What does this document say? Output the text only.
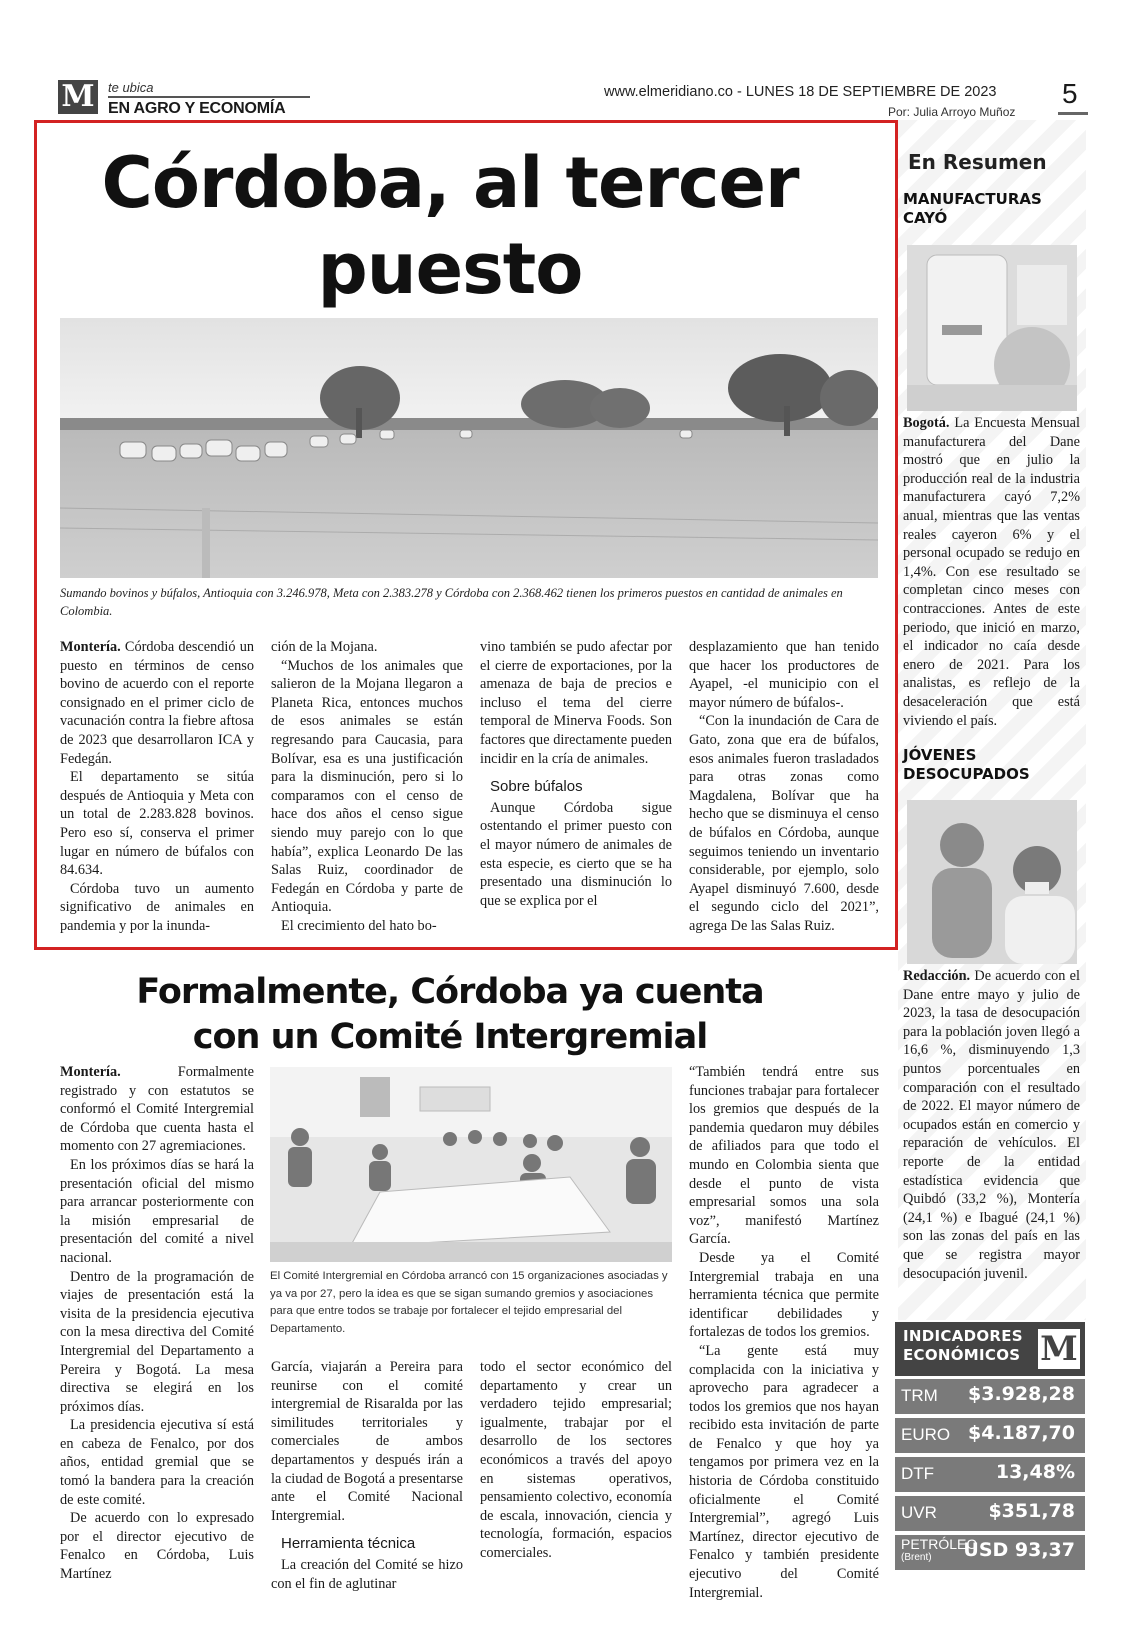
M te ubica
EN AGRO Y ECONOMÍA
www.elmeridiano.co - LUNES 18 DE SEPTIEMBRE DE 2023
Por: Julia Arroyo Muñoz
5
Córdoba, al tercer
puesto
Sumando bovinos y búfalos, Antioquia con 3.246.978, Meta con 2.383.278 y Córdoba con 2.368.462 tienen los primeros puestos en cantidad de animales en Colombia.

Montería. Córdoba descendió un puesto en términos de censo bovino de acuerdo con el reporte consignado en el primer ciclo de vacunación contra la fiebre aftosa de 2023 que desarrollaron ICA y Fedegán.

El departamento se sitúa después de Antioquia y Meta con un total de 2.283.828 bovinos. Pero eso sí, conserva el primer lugar en número de búfalos con 84.634.

Córdoba tuvo un aumento significativo de animales en pandemia y por la inunda-

ción de la Mojana.

“Muchos de los animales que salieron de la Mojana llegaron a Planeta Rica, entonces muchos de esos animales se están regresando para Caucasia, para Bolívar, esa es una justificación para la disminución, pero si lo comparamos con el censo de hace dos años el censo sigue siendo muy parejo con lo que había”, explica Leonardo De las Salas Ruiz, coordinador de Fedegán en Córdoba y parte de Antioquia.

El crecimiento del hato bo-

vino también se pudo afectar por el cierre de exportaciones, por la amenaza de baja de precios e incluso el tema del cierre temporal de Minerva Foods. Son factores que directamente pueden incidir en la cría de animales.

Sobre búfalos

Aunque Córdoba sigue ostentando el primer puesto con el mayor número de animales de esta especie, es cierto que se ha presentado una disminución lo que se explica por el

desplazamiento que han tenido que hacer los productores de Ayapel, -el municipio con el mayor número de búfalos-.

“Con la inundación de Cara de Gato, zona que era de búfalos, esos animales fueron trasladados para otras zonas como Magdalena, Bolívar que ha hecho que se disminuya el censo de búfalos en Córdoba, aunque seguimos teniendo un inventario considerable, por ejemplo, solo Ayapel disminuyó 7.600, desde el segundo ciclo del 2021”, agrega De las Salas Ruiz.

En Resumen
MANUFACTURAS
CAYÓ

Bogotá. La Encuesta Mensual manufacturera del Dane mostró que en julio la producción real de la industria manufacturera cayó 7,2% anual, mientras que las ventas reales cayeron 6% y el personal ocupado se redujo en 1,4%. Con ese resultado se completan cinco meses con contracciones. Antes de este periodo, que inició en marzo, el indicador no caía desde enero de 2021. Para los analistas, es reflejo de la desaceleración que está viviendo el país.

JÓVENES
DESOCUPADOS

Redacción. De acuerdo con el Dane entre mayo y julio de 2023, la tasa de desocupación para la población joven llegó a 16,6 %, disminuyendo 1,3 puntos porcentuales en comparación con el resultado de 2022. El mayor número de ocupados están en comercio y reparación de vehículos. El reporte de la entidad estadística evidencia que Quibdó (33,2 %), Montería (24,1 %) e Ibagué (24,1 %) son las zonas del país en las que se registra mayor desocupación juvenil.

INDICADORES
ECONÓMICOS M
TRM $3.928,28
EURO $4.187,70
DTF	13,48%
UVR	$351,78
PETRÓLEO
(Brent)	USD 93,37
Formalmente, Córdoba ya cuenta
con un Comité Intergremial
El Comité Intergremial en Córdoba arrancó con 15 organizaciones asociadas y ya va por 27, pero la idea es que se sigan sumando gremios y asociaciones para que entre todos se trabaje por fortalecer el tejido empresarial del Departamento.

Montería. Formalmente registrado y con estatutos se conformó el Comité Intergremial de Córdoba que cuenta hasta el momento con 27 agremiaciones.

En los próximos días se hará la presentación oficial del mismo para arrancar posteriormente con la misión empresarial de presentación del comité a nivel nacional.

Dentro de la programación de viajes de presentación está la visita de la presidencia ejecutiva con la mesa directiva del Comité Intergremial del Departamento a Pereira y Bogotá. La mesa directiva se elegirá en los próximos días.

La presidencia ejecutiva sí está en cabeza de Fenalco, por dos años, entidad gremial que se tomó la bandera para la creación de este comité.

De acuerdo con lo expresado por el director ejecutivo de Fenalco en Córdoba, Luis Martínez

García, viajarán a Pereira para reunirse con el comité intergremial de Risaralda por las similitudes territoriales y comerciales de ambos departamentos y después irán a la ciudad de Bogotá a presentarse ante el Comité Nacional Intergremial.

Herramienta técnica

La creación del Comité se hizo con el fin de aglutinar

todo el sector económico del departamento y crear un verdadero tejido empresarial; igualmente, trabajar por el desarrollo de los sectores económicos a través del apoyo en sistemas operativos, pensamiento colectivo, economía de escala, innovación, ciencia y tecnología, formación, espacios comerciales.

“También tendrá entre sus funciones trabajar para fortalecer los gremios que después de la pandemia quedaron muy débiles de afiliados para que todo el mundo en Colombia sienta que desde el punto de vista empresarial somos una sola voz”, manifestó Martínez García.

Desde ya el Comité Intergremial trabaja en una herramienta técnica que permite identificar debilidades y fortalezas de todos los gremios.

“La gente está muy complacida con la iniciativa y aprovecho para agradecer a todos los gremios que nos hayan recibido esta invitación de parte de Fenalco y que hoy ya tengamos por primera vez en la historia de Córdoba constituido oficialmente el Comité Intergremial”, agregó Luis Martínez, director ejecutivo de Fenalco y también presidente ejecutivo del Comité Intergremial.
